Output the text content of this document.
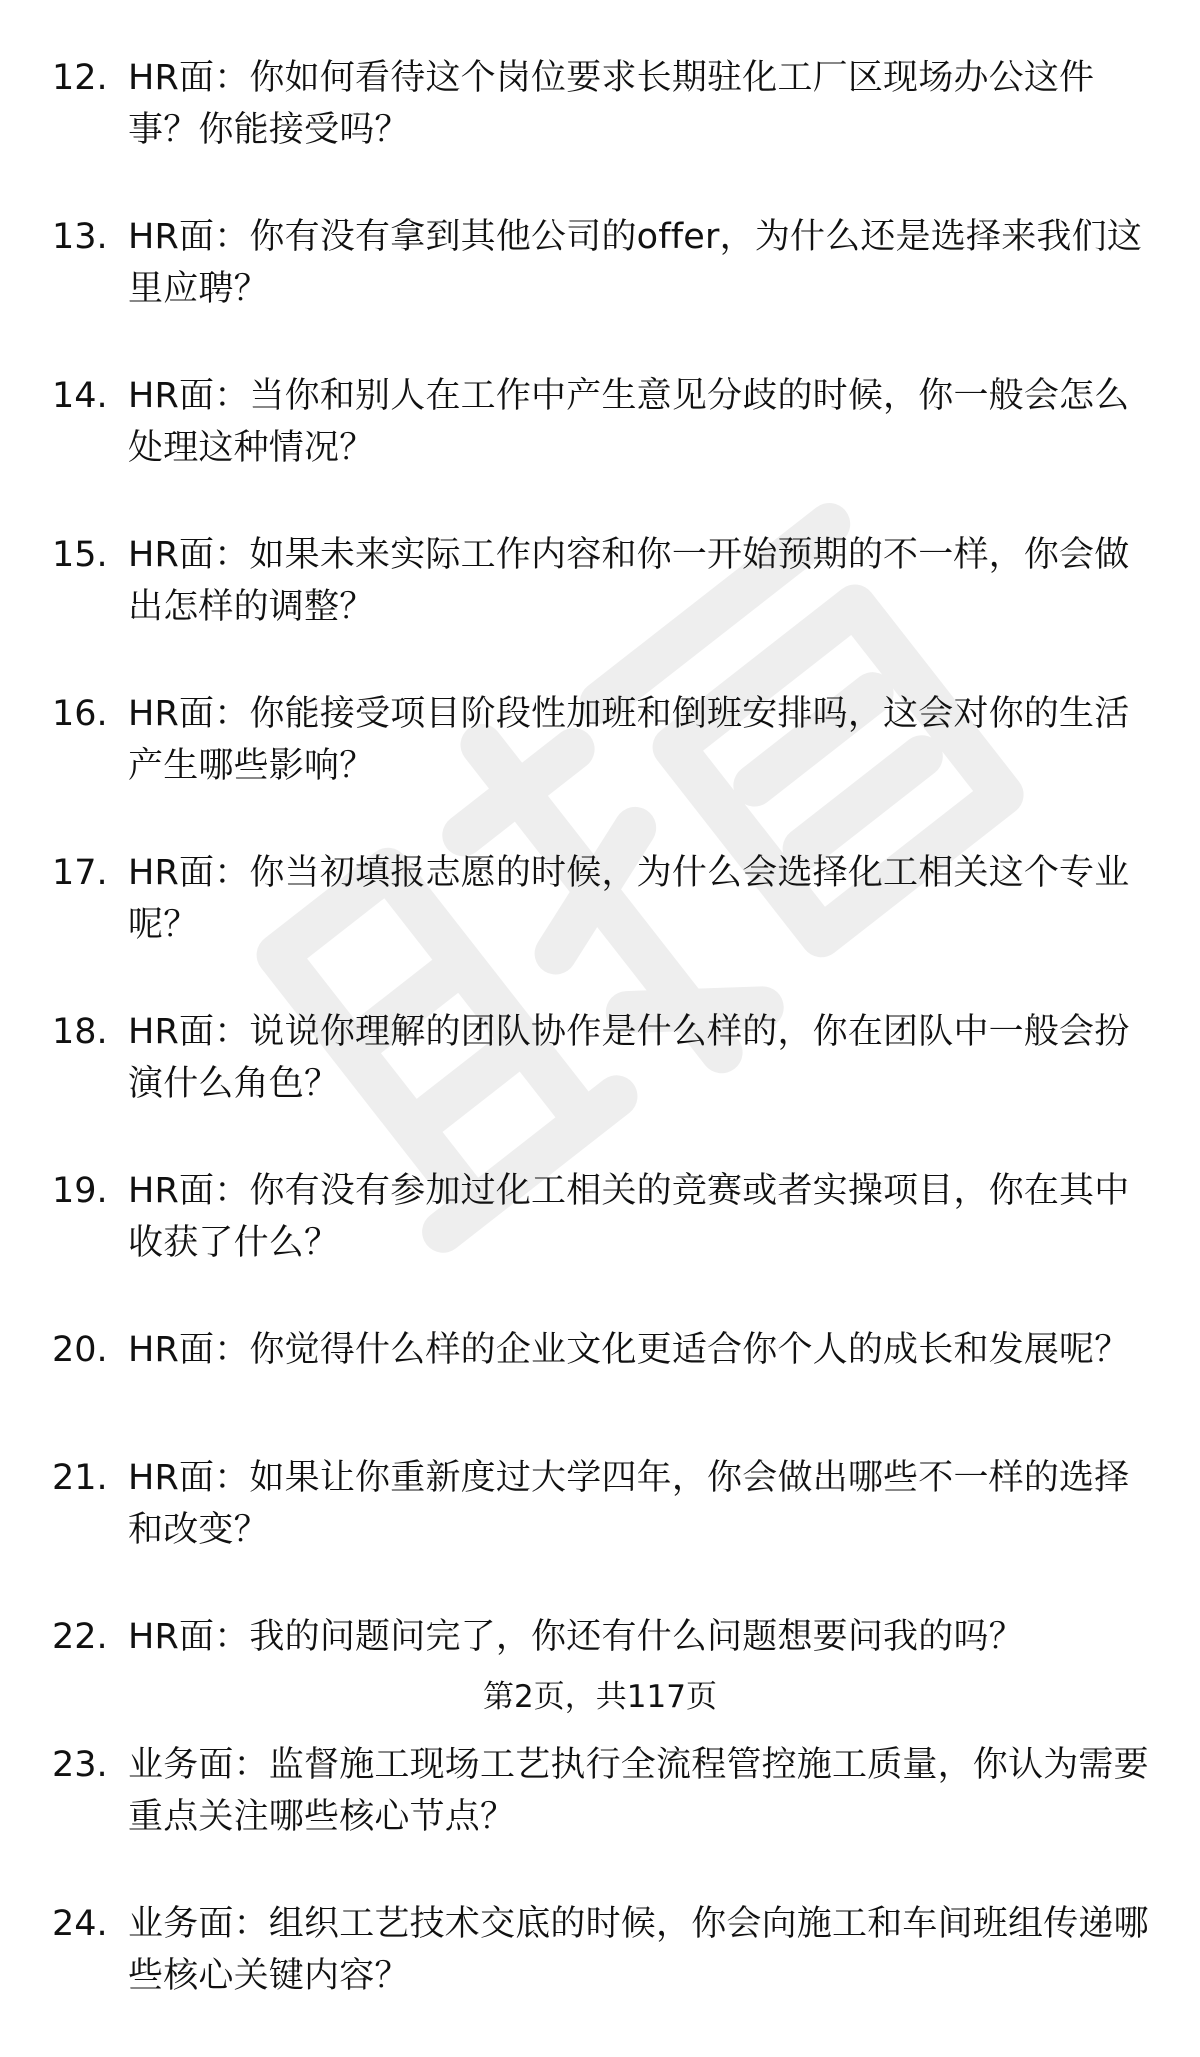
12. HR面：你如何看待这个岗位要求长期驻化工厂区现场办公这件事？你能接受吗？
13. HR面：你有没有拿到其他公司的offer，为什么还是选择来我们这里应聘？
14. HR面：当你和别人在工作中产生意见分歧的时候，你一般会怎么处理这种情况？
15. HR面：如果未来实际工作内容和你一开始预期的不一样，你会做出怎样的调整？
16. HR面：你能接受项目阶段性加班和倒班安排吗，这会对你的生活产生哪些影响？
17. HR面：你当初填报志愿的时候，为什么会选择化工相关这个专业呢？
18. HR面：说说你理解的团队协作是什么样的，你在团队中一般会扮演什么角色？
19. HR面：你有没有参加过化工相关的竞赛或者实操项目，你在其中收获了什么？
20. HR面：你觉得什么样的企业文化更适合你个人的成长和发展呢？
21. HR面：如果让你重新度过大学四年，你会做出哪些不一样的选择和改变？
22. HR面：我的问题问完了，你还有什么问题想要问我的吗？
23. 业务面：监督施工现场工艺执行全流程管控施工质量，你认为需要重点关注哪些核心节点？
24. 业务面：组织工艺技术交底的时候，你会向施工和车间班组传递哪些核心关键内容？
第2页，共117页
